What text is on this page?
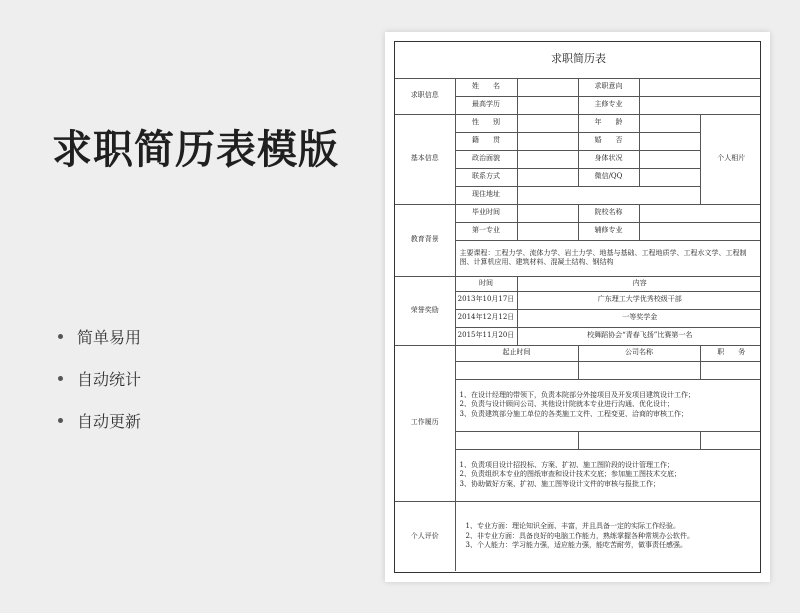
求职简历表模版
简单易用
自动统计
自动更新
求职简历表					
求职信息	姓　　名		求职意向		
	最高学历		主修专业		
基本信息	性　　别		年　　龄		个人相片
	籍　　贯		婚　　否		
	政治面貌		身体状况		
	联系方式		微信/QQ		
	现住地址				
教育背景	毕业时间		院校名称		
	第一专业		辅修专业		
	主要课程：工程力学、流体力学、岩土力学、地基与基础、工程地质学、工程水文学、工程制图、计算机应用、建筑材料、混凝土结构、钢结构				
荣誉奖励	时间	内容			
	2013年10月17日	广东理工大学优秀校级干部			
	2014年12月12日	一等奖学金			
	2015年11月20日	校舞蹈协会“青春飞扬”比赛第一名			
工作履历	起止时间		公司名称		职　　务

	1、在设计经理的带领下，负责本院部分外接项目及开发项目建筑设计工作；
2、负责与设计顾问公司、其他设计院就本专业进行沟通、优化设计；
3、负责建筑部分施工单位的各类施工文件、工程变更、洽商的审核工作；				

	1、负责项目设计招投标、方案、扩初、施工图阶段的设计管理工作；
2、负责组织本专业的图纸审查和设计技术交底；参加施工图技术交底；
3、协助做好方案、扩初、施工图等设计文件的审核与报批工作；				

个人评价	1、专业方面：理论知识全面、丰富，并且具备一定的实际工作经验。
2、非专业方面：具备良好的电脑工作能力，熟练掌握各种常规办公软件。
3、个人能力：学习能力强，适应能力强，能吃苦耐劳，做事责任感强。				
